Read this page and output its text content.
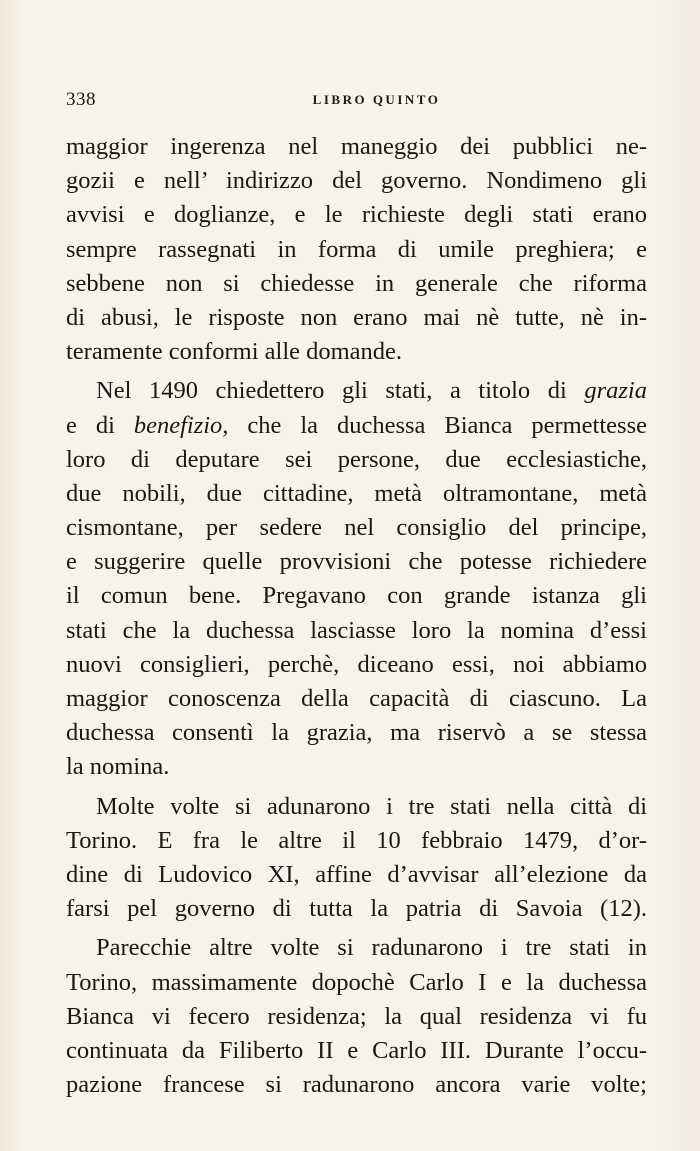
338	LIBRO QUINTO
maggior ingerenza nel maneggio dei pubblici ne-
gozii e nell’ indirizzo del governo. Nondimeno gli
avvisi e doglianze, e le richieste degli stati erano
sempre rassegnati in forma di umile preghiera; e
sebbene non si chiedesse in generale che riforma
di abusi, le risposte non erano mai nè tutte, nè in-
teramente conformi alle domande.
Nel 1490 chiedettero gli stati, a titolo di grazia
e di benefizio, che la duchessa Bianca permettesse
loro di deputare sei persone, due ecclesiastiche,
due nobili, due cittadine, metà oltramontane, metà
cismontane, per sedere nel consiglio del principe,
e suggerire quelle provvisioni che potesse richiedere
il comun bene. Pregavano con grande istanza gli
stati che la duchessa lasciasse loro la nomina d’essi
nuovi consiglieri, perchè, diceano essi, noi abbiamo
maggior conoscenza della capacità di ciascuno. La
duchessa consentì la grazia, ma riservò a se stessa
la nomina.
Molte volte si adunarono i tre stati nella città di
Torino. E fra le altre il 10 febbraio 1479, d’or-
dine di Ludovico XI, affine d’avvisar all’elezione da
farsi pel governo di tutta la patria di Savoia (12).
Parecchie altre volte si radunarono i tre stati in
Torino, massimamente dopochè Carlo I e la duchessa
Bianca vi fecero residenza; la qual residenza vi fu
continuata da Filiberto II e Carlo III. Durante l’occu-
pazione francese si radunarono ancora varie volte;
